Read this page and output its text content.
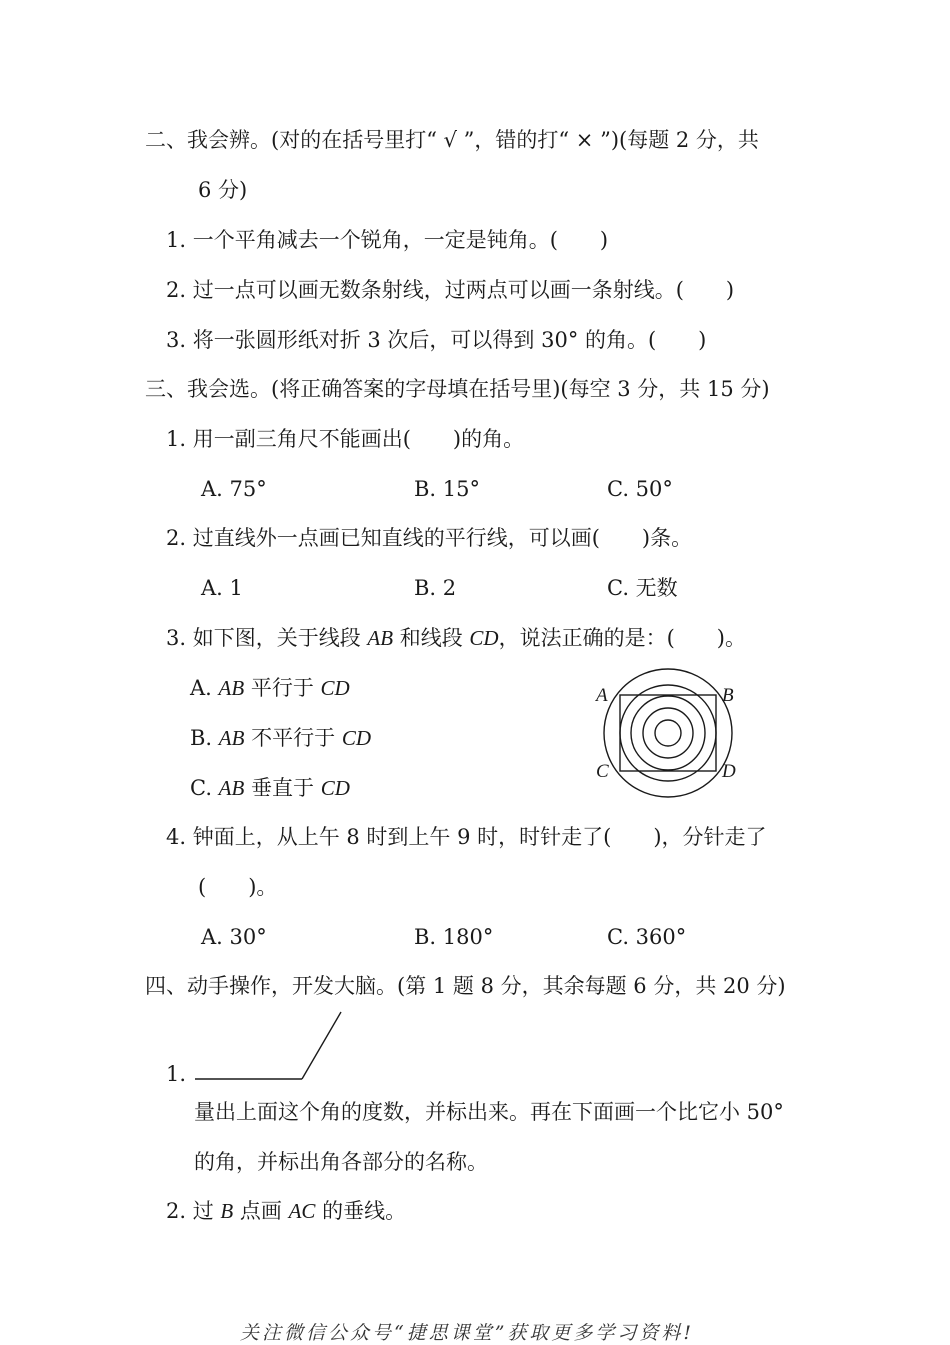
二、我会辨。(对的在括号里打“ √ ”，错的打“ × ”)(每题 2 分，共
6 分)
1. 一个平角减去一个锐角，一定是钝角。(　　)
2. 过一点可以画无数条射线，过两点可以画一条射线。(　　)
3. 将一张圆形纸对折 3 次后，可以得到 30° 的角。(　　)
三、我会选。(将正确答案的字母填在括号里)(每空 3 分，共 15 分)
1. 用一副三角尺不能画出(　　)的角。
A. 75°	B. 15°	C. 50°
2. 过直线外一点画已知直线的平行线，可以画(　　)条。
A. 1	B. 2	C. 无数
3. 如下图，关于线段 AB 和线段 CD，说法正确的是：(　　)。
A. AB 平行于 CD
B. AB 不平行于 CD
C. AB 垂直于 CD
A	B
C	D
4. 钟面上，从上午 8 时到上午 9 时，时针走了(　　)，分针走了
(　　)。
A. 30°	B. 180°	C. 360°
四、动手操作，开发大脑。(第 1 题 8 分，其余每题 6 分，共 20 分)
1.
量出上面这个角的度数，并标出来。再在下面画一个比它小 50°
的角，并标出角各部分的名称。
2. 过 B 点画 AC 的垂线。
关注微信公众号“捷思课堂”获取更多学习资料!
